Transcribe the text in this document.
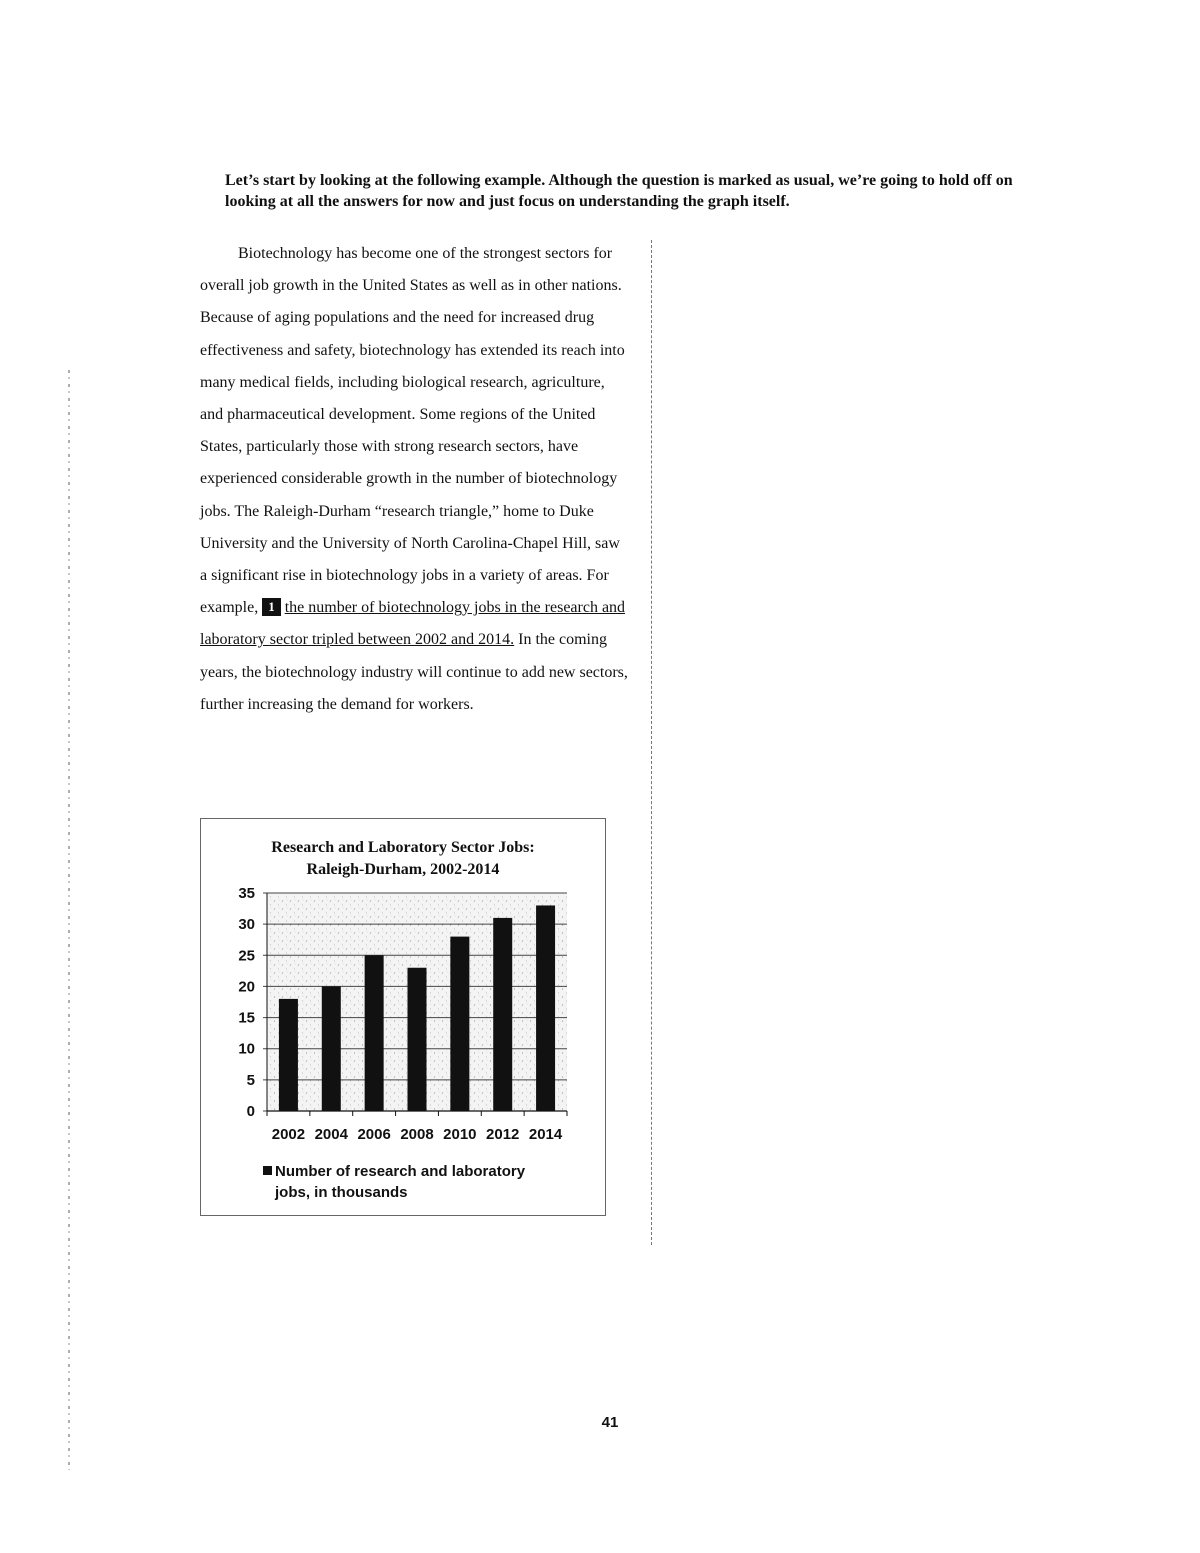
Let’s start by looking at the following example. Although the question is marked as usual, we’re going to hold off on looking at all the answers for now and just focus on understanding the graph itself.
Biotechnology has become one of the strongest sectors for overall job growth in the United States as well as in other nations. Because of aging populations and the need for increased drug effectiveness and safety, biotechnology has extended its reach into many medical fields, including biological research, agriculture, and pharmaceutical development. Some regions of the United States, particularly those with strong research sectors, have experienced considerable growth in the number of biotechnology jobs. The Raleigh-Durham “research triangle,” home to Duke University and the University of North Carolina-Chapel Hill, saw a significant rise in biotechnology jobs in a variety of areas. For example, 1 the number of biotechnology jobs in the research and laboratory sector tripled between 2002 and 2014. In the coming years, the biotechnology industry will continue to add new sectors, further increasing the demand for workers.
Research and Laboratory Sector Jobs:
Raleigh-Durham, 2002-2014
0
5
10
15
20
25
30
35
2002 2004 2006 2008 2010 2012 2014
Number of research and laboratory jobs, in thousands
41
